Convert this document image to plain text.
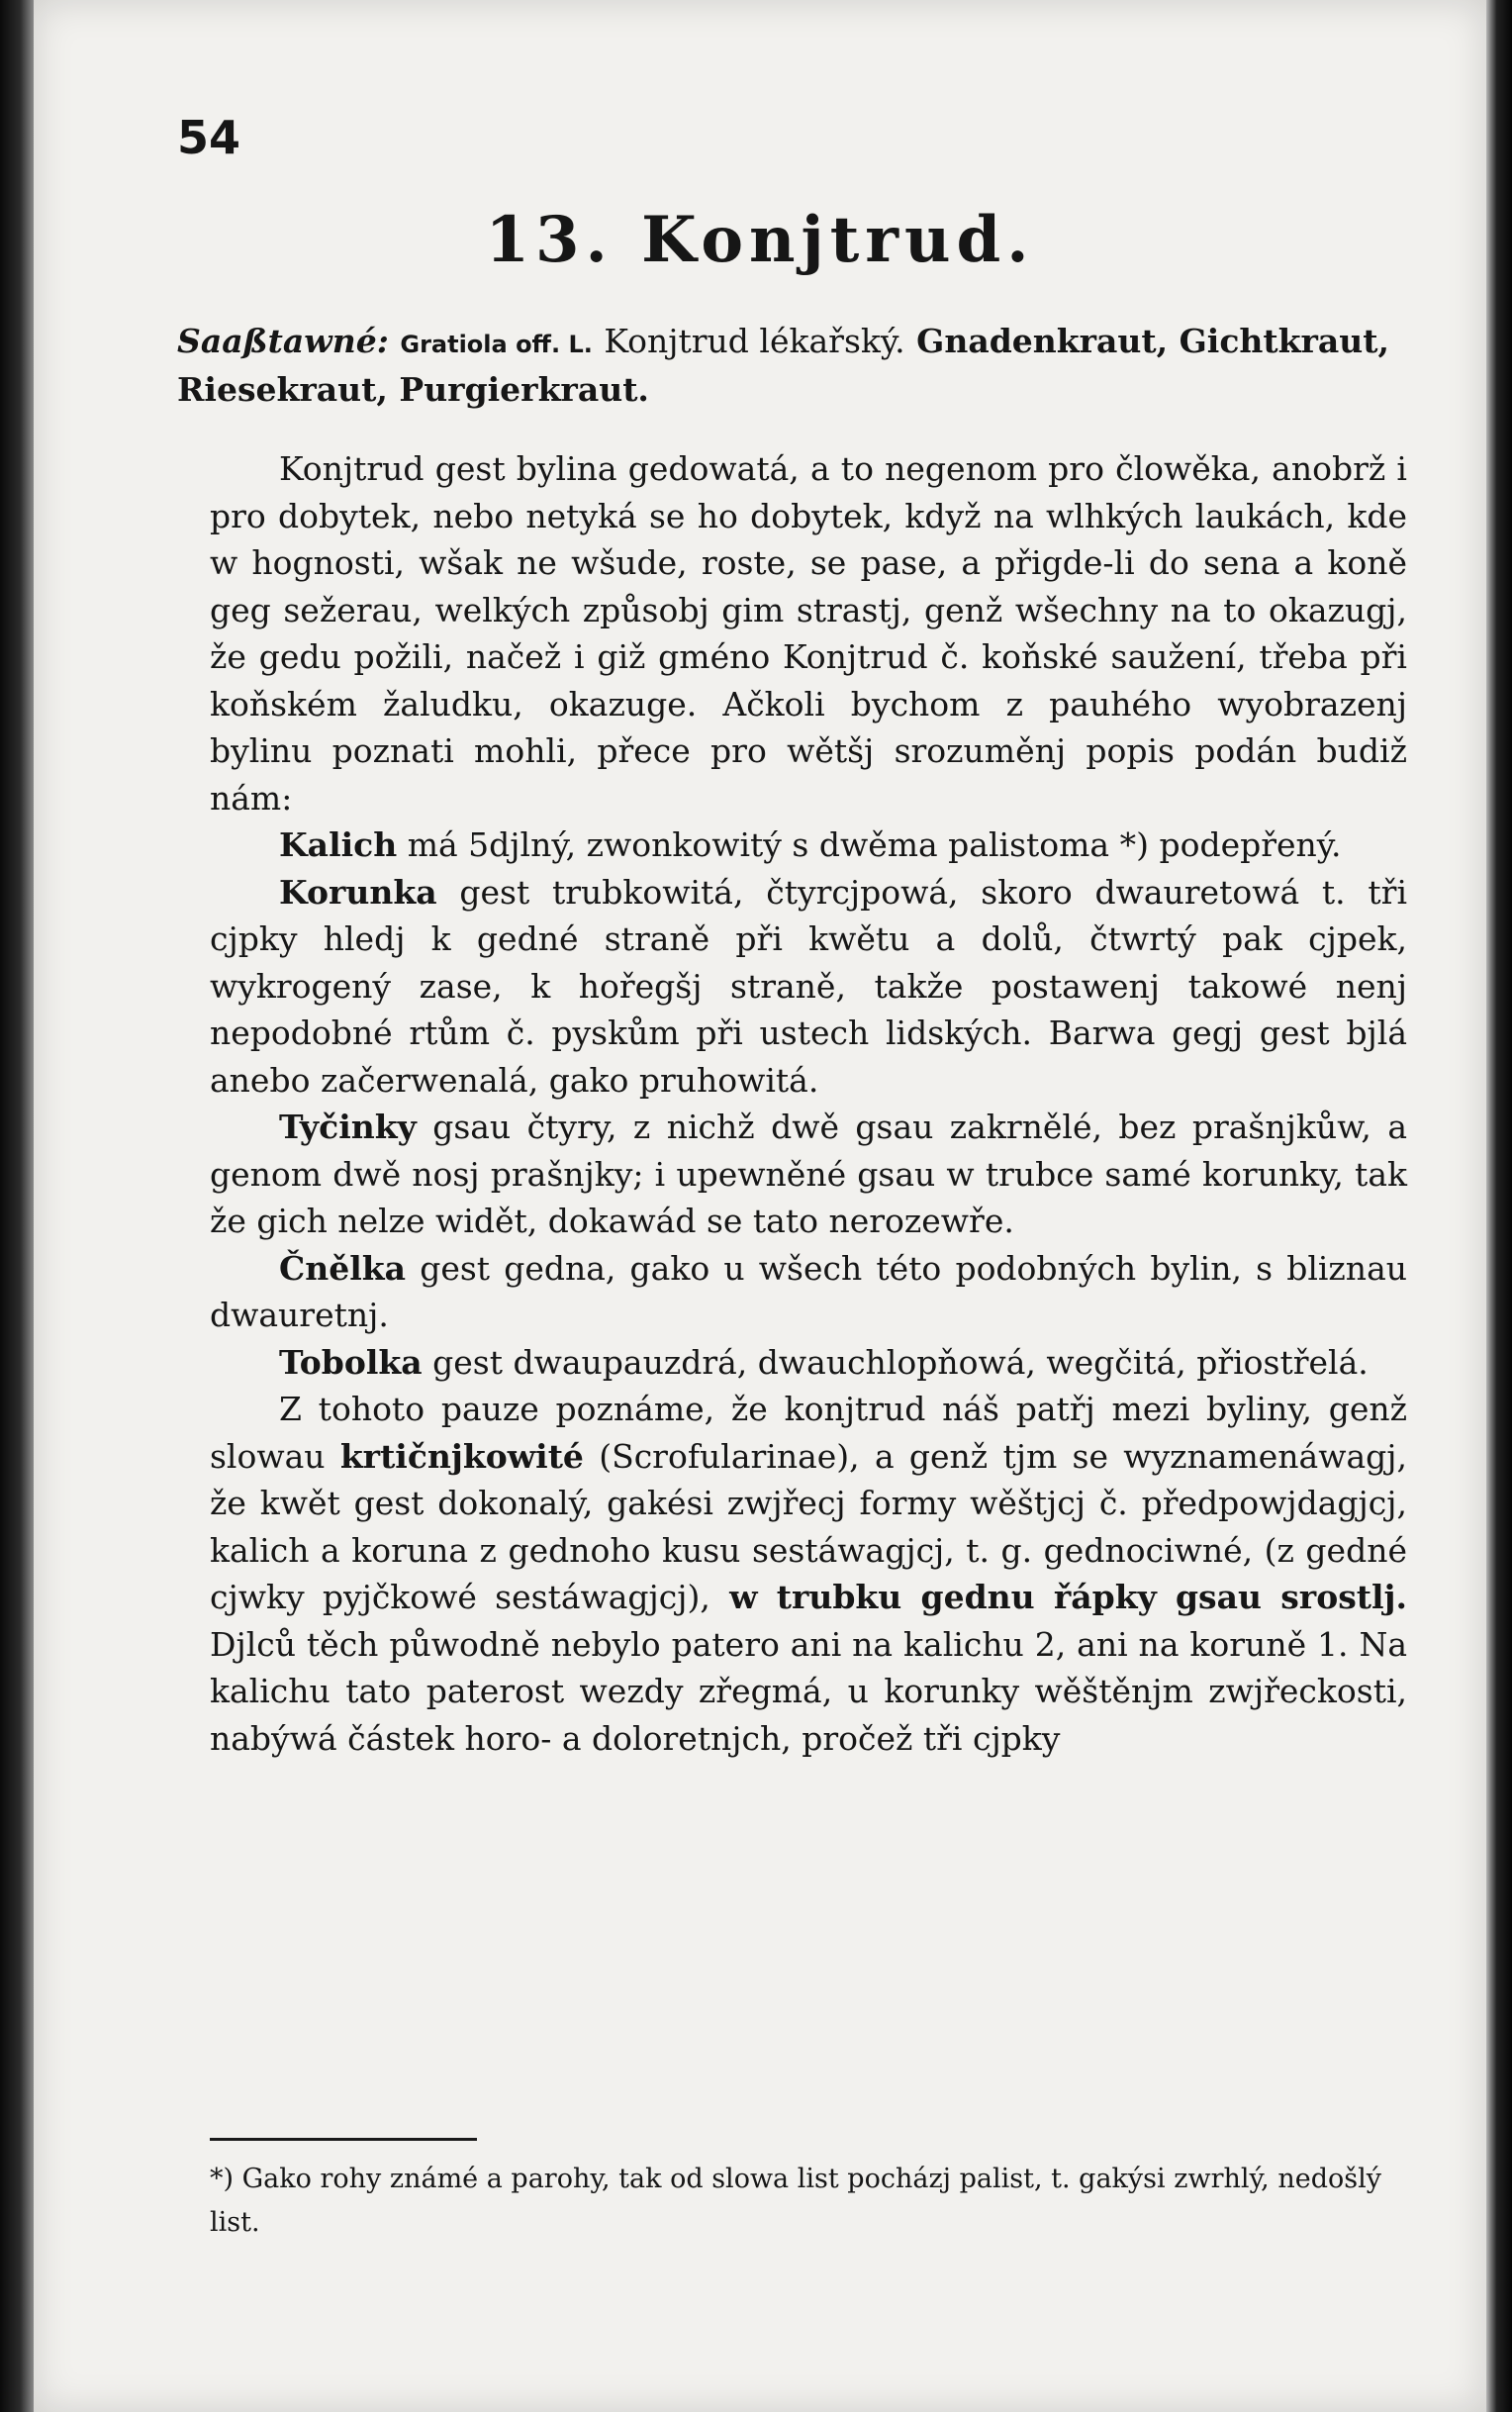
54
13. Konjtrud.
Saaßtawné: Gratiola off. L. Konjtrud lékařský. Gnadenkraut, Gichtkraut, Riesekraut, Purgierkraut.

Konjtrud gest bylina gedowatá, a to negenom pro člowěka, anobrž i pro dobytek, nebo netyká se ho dobytek, když na wlhkých laukách, kde w hognosti, wšak ne wšude, roste, se pase, a přigde-li do sena a koně geg sežerau, welkých způsobj gim strastj, genž wšechny na to okazugj, že gedu požili, načež i giž gméno Konjtrud č. koňské saužení, třeba při koňském žaludku, okazuge. Ačkoli bychom z pauhého wyobrazenj bylinu poznati mohli, přece pro wětšj srozuměnj popis podán budiž nám:

Kalich má 5djlný, zwonkowitý s dwěma palistoma *) podepřený.

Korunka gest trubkowitá, čtyrcjpowá, skoro dwauretowá t. tři cjpky hledj k gedné straně při kwětu a dolů, čtwrtý pak cjpek, wykrogený zase, k hořegšj straně, takže postawenj takowé nenj nepodobné rtům č. pyskům při ustech lidských. Barwa gegj gest bjlá anebo začerwenalá, gako pruhowitá.

Tyčinky gsau čtyry, z nichž dwě gsau zakrnělé, bez prašnjkůw, a genom dwě nosj prašnjky; i upewněné gsau w trubce samé korunky, tak že gich nelze widět, dokawád se tato nerozewře.

Čnělka gest gedna, gako u wšech této podobných bylin, s bliznau dwauretnj.

Tobolka gest dwaupauzdrá, dwauchlopňowá, wegčitá, přiostřelá.

Z tohoto pauze poznáme, že konjtrud náš patřj mezi byliny, genž slowau krtičnjkowité (Scrofularinae), a genž tjm se wyznamenáwagj, že kwět gest dokonalý, gakési zwjřecj formy wěštjcj č. předpowjdagjcj, kalich a koruna z gednoho kusu sestáwagjcj, t. g. gednociwné, (z gedné cjwky pyjčkowé sestáwagjcj), w trubku gednu řápky gsau srostlj. Djlců těch půwodně nebylo patero ani na kalichu 2, ani na koruně 1. Na kalichu tato paterost wezdy zřegmá, u korunky wěštěnjm zwjřeckosti, nabýwá částek horo- a doloretnjch, pročež tři cjpky

*) Gako rohy známé a parohy, tak od slowa list pocházj palist, t. gakýsi zwrhlý, nedošlý list.
